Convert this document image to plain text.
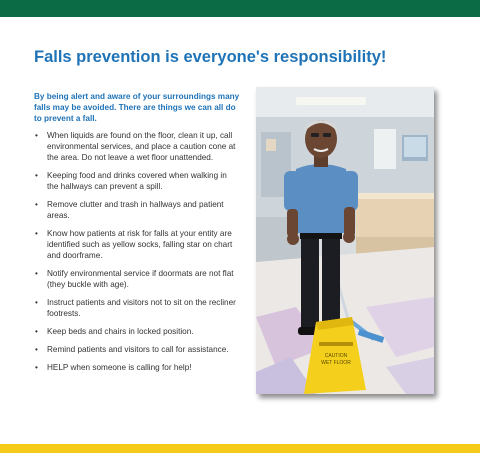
Falls prevention is everyone's responsibility!
By being alert and aware of your surroundings many falls may be avoided. There are things we can all do to prevent a fall.
• When liquids are found on the floor, clean it up, call environmental services, and place a caution cone at the area. Do not leave a wet floor unattended.
• Keeping food and drinks covered when walking in the hallways can prevent a spill.
• Remove clutter and trash in hallways and patient areas.
• Know how patients at risk for falls at your entity are identified such as yellow socks, falling star on chart and doorframe.
• Notify environmental service if doormats are not flat (they buckle with age).
• Instruct patients and visitors not to sit on the recliner footrests.
• Keep beds and chairs in locked position.
• Remind patients and visitors to call for assistance.
• HELP when someone is calling for help!
CAUTION
WET FLOOR
